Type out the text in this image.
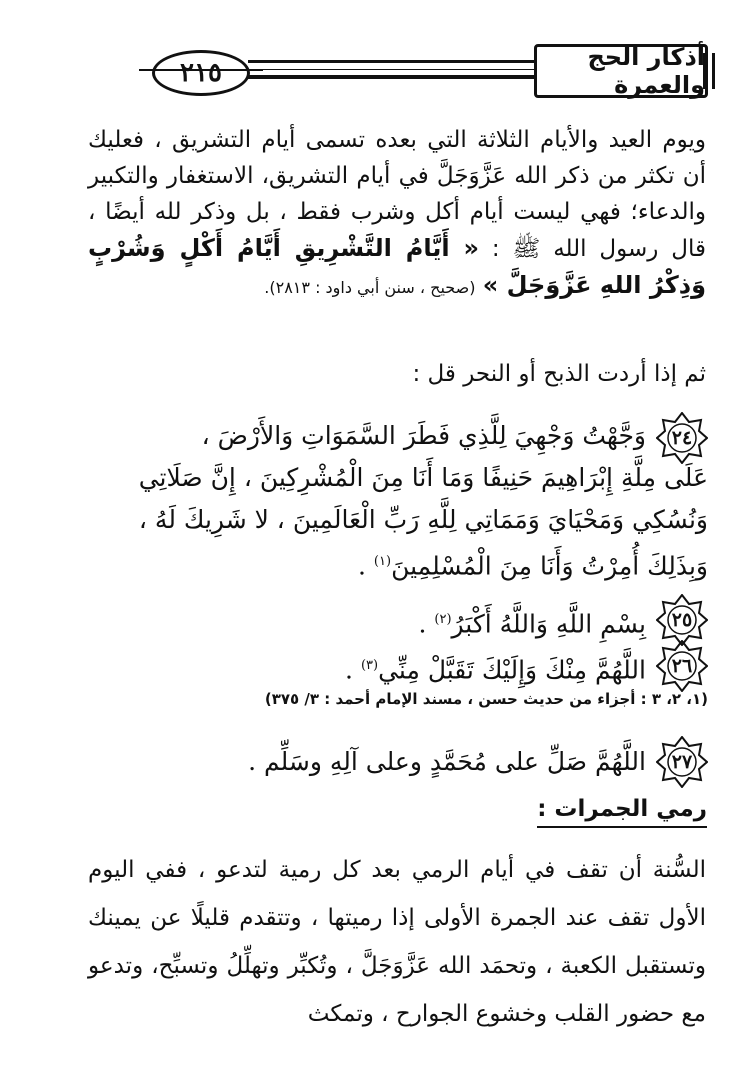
٢١٥
أذكار الحج والعمرة
ويوم العيد والأيام الثلاثة التي بعده تسمى أيام التشريق ، فعليك أن تكثر من ذكر الله عَزَّوَجَلَّ في أيام التشريق، الاستغفار والتكبير والدعاء؛ فهي ليست أيام أكل وشرب فقط ، بل وذكر لله أيضًا ، قال رسول الله ﷺ : « أَيَّامُ التَّشْرِيقِ أَيَّامُ أَكْلٍ وَشُرْبٍ وَذِكْرُ اللهِ عَزَّوَجَلَّ » (صحيح ، سنن أبي داود : ٢٨١٣).
ثم إذا أردت الذبح أو النحر قل :
٢٤
وَجَّهْتُ وَجْهِيَ لِلَّذِي فَطَرَ السَّمَوَاتِ وَالأَرْضَ ،
عَلَى مِلَّةِ إِبْرَاهِيمَ حَنِيفًا وَمَا أَنَا مِنَ الْمُشْرِكِينَ ، إِنَّ صَلَاتِي
وَنُسُكِي وَمَحْيَايَ وَمَمَاتِي لِلَّهِ رَبِّ الْعَالَمِينَ ، لا شَرِيكَ لَهُ ،
وَبِذَلِكَ أُمِرْتُ وَأَنَا مِنَ الْمُسْلِمِينَ$^{(١)}$ .
٢٥
بِسْمِ اللَّهِ وَاللَّهُ أَكْبَرُ$^{(٢)}$ .
٢٦
اللَّهُمَّ مِنْكَ وَإِلَيْكَ تَقَبَّلْ مِنِّي$^{(٣)}$ .
(١، ٢، ٣ : أجزاء من حديث حسن ، مسند الإمام أحمد : ٣/ ٣٧٥)
٢٧
اللَّهُمَّ صَلِّ على مُحَمَّدٍ وعلى آلِهِ وسَلِّم .
رمي الجمرات :
السُّنة أن تقف في أيام الرمي بعد كل رمية لتدعو ، ففي اليوم الأول تقف عند الجمرة الأولى إذا رميتها ، وتتقدم قليلًا عن يمينك وتستقبل الكعبة ، وتحمَد الله عَزَّوَجَلَّ ، وتُكبِّر وتهلِّلُ وتسبِّح، وتدعو مع حضور القلب وخشوع الجوارح ، وتمكث
